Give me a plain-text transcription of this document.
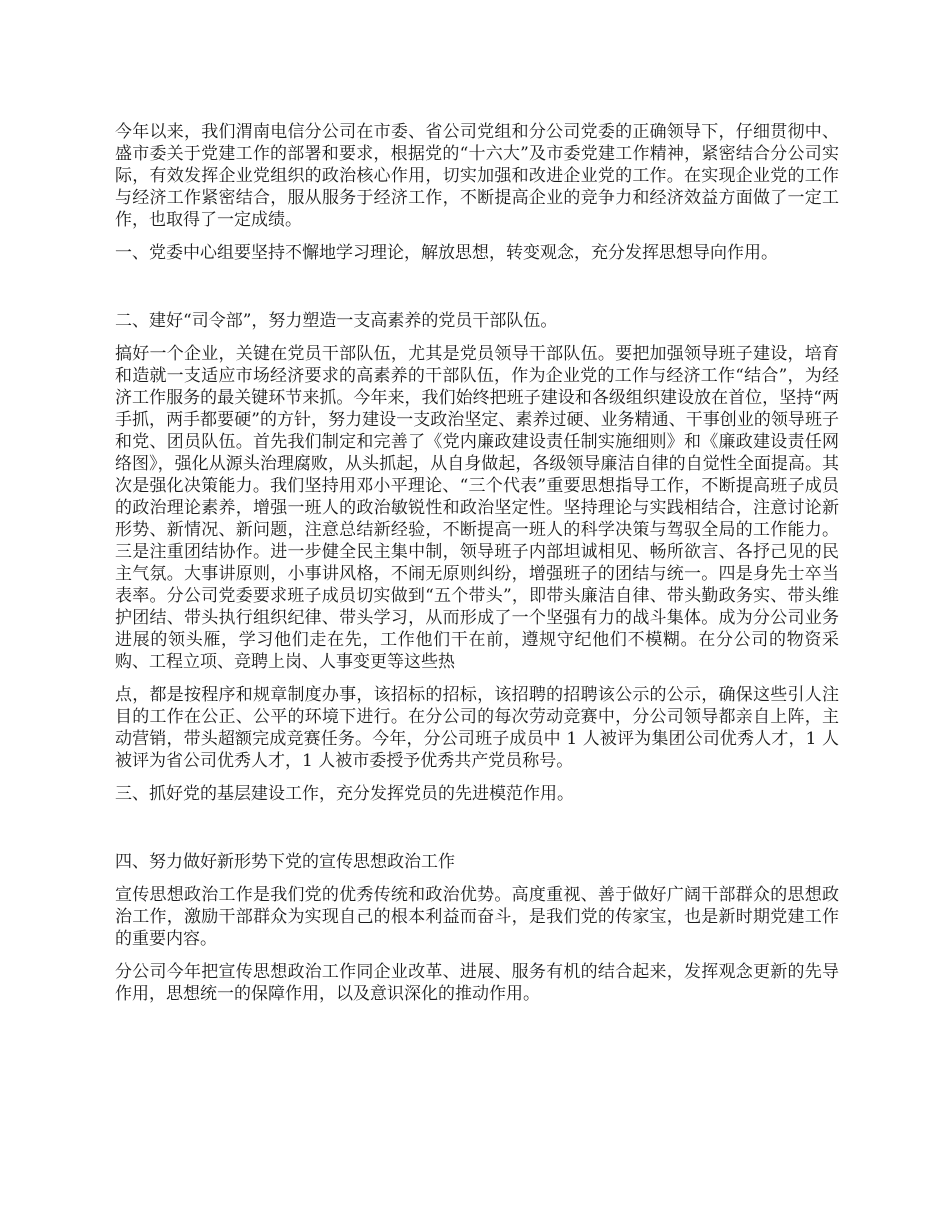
今年以来，我们渭南电信分公司在市委、省公司党组和分公司党委的正确领导下，仔细贯彻中、盛市委关于党建工作的部署和要求，根据党的“十六大”及市委党建工作精神，紧密结合分公司实际，有效发挥企业党组织的政治核心作用，切实加强和改进企业党的工作。在实现企业党的工作与经济工作紧密结合，服从服务于经济工作，不断提高企业的竞争力和经济效益方面做了一定工作，也取得了一定成绩。

一、党委中心组要坚持不懈地学习理论，解放思想，转变观念，充分发挥思想导向作用。

二、建好“司令部”，努力塑造一支高素养的党员干部队伍。

搞好一个企业，关键在党员干部队伍，尤其是党员领导干部队伍。要把加强领导班子建设，培育和造就一支适应市场经济要求的高素养的干部队伍，作为企业党的工作与经济工作“结合”，为经济工作服务的最关键环节来抓。今年来，我们始终把班子建设和各级组织建设放在首位，坚持“两手抓，两手都要硬”的方针，努力建设一支政治坚定、素养过硬、业务精通、干事创业的领导班子和党、团员队伍。首先我们制定和完善了《党内廉政建设责任制实施细则》和《廉政建设责任网络图》，强化从源头治理腐败，从头抓起，从自身做起，各级领导廉洁自律的自觉性全面提高。其次是强化决策能力。我们坚持用邓小平理论、“三个代表”重要思想指导工作，不断提高班子成员的政治理论素养，增强一班人的政治敏锐性和政治坚定性。坚持理论与实践相结合，注意讨论新形势、新情况、新问题，注意总结新经验，不断提高一班人的科学决策与驾驭全局的工作能力。三是注重团结协作。进一步健全民主集中制，领导班子内部坦诚相见、畅所欲言、各抒己见的民主气氛。大事讲原则，小事讲风格，不闹无原则纠纷，增强班子的团结与统一。四是身先士卒当表率。分公司党委要求班子成员切实做到“五个带头”，即带头廉洁自律、带头勤政务实、带头维护团结、带头执行组织纪律、带头学习，从而形成了一个坚强有力的战斗集体。成为分公司业务进展的领头雁，学习他们走在先，工作他们干在前，遵规守纪他们不模糊。在分公司的物资采购、工程立项、竞聘上岗、人事变更等这些热

点，都是按程序和规章制度办事，该招标的招标，该招聘的招聘该公示的公示，确保这些引人注目的工作在公正、公平的环境下进行。在分公司的每次劳动竞赛中，分公司领导都亲自上阵，主动营销，带头超额完成竞赛任务。今年，分公司班子成员中 1 人被评为集团公司优秀人才，1 人被评为省公司优秀人才，1 人被市委授予优秀共产党员称号。

三、抓好党的基层建设工作，充分发挥党员的先进模范作用。

四、努力做好新形势下党的宣传思想政治工作

宣传思想政治工作是我们党的优秀传统和政治优势。高度重视、善于做好广阔干部群众的思想政治工作，激励干部群众为实现自己的根本利益而奋斗，是我们党的传家宝，也是新时期党建工作的重要内容。

分公司今年把宣传思想政治工作同企业改革、进展、服务有机的结合起来，发挥观念更新的先导作用，思想统一的保障作用，以及意识深化的推动作用。
